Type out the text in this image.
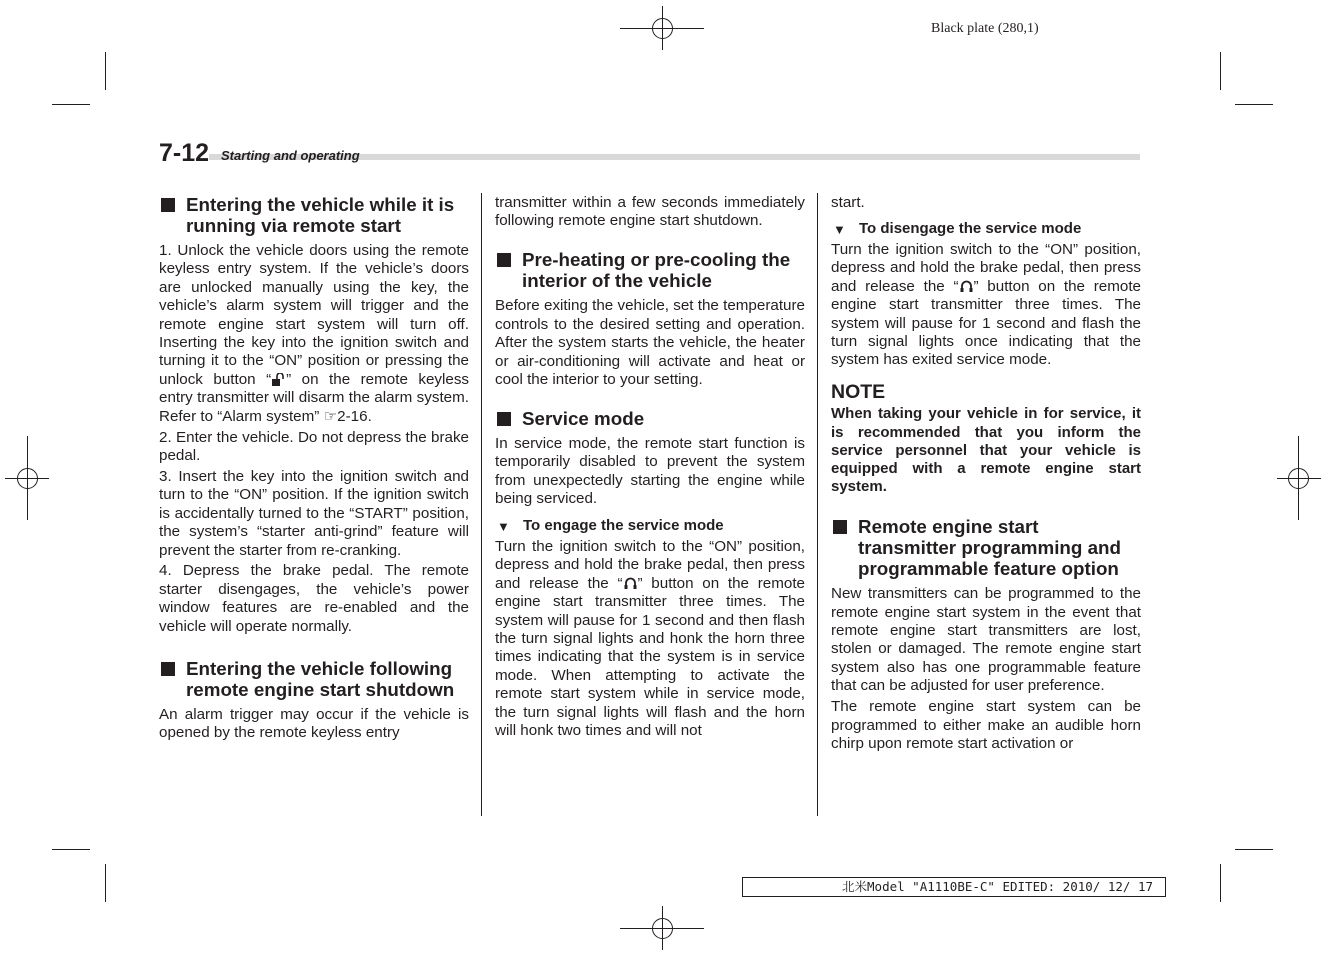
Black plate (280,1)
7-12 Starting and operating
Entering the vehicle while it is running via remote start

1. Unlock the vehicle doors using the remote keyless entry system. If the vehicle’s doors are unlocked manually using the key, the vehicle’s alarm system will trigger and the remote engine start system will turn off. Inserting the key into the ignition switch and turning it to the “ON” position or pressing the unlock button “ ” on the remote keyless entry transmitter will disarm the alarm system. Refer to “Alarm system” ☞2-16.

2. Enter the vehicle. Do not depress the brake pedal.

3. Insert the key into the ignition switch and turn to the “ON” position. If the ignition switch is accidentally turned to the “START” position, the system’s “starter anti-grind” feature will prevent the starter from re-cranking.

4. Depress the brake pedal. The remote starter disengages, the vehicle’s power window features are re-enabled and the vehicle will operate normally.

Entering the vehicle following remote engine start shutdown

An alarm trigger may occur if the vehicle is opened by the remote keyless entry

transmitter within a few seconds immediately following remote engine start shutdown.

Pre-heating or pre-cooling the interior of the vehicle

Before exiting the vehicle, set the temperature controls to the desired setting and operation. After the system starts the vehicle, the heater or air-conditioning will activate and heat or cool the interior to your setting.

Service mode

In service mode, the remote start function is temporarily disabled to prevent the system from unexpectedly starting the engine while being serviced.

▼ To engage the service mode

Turn the ignition switch to the “ON” position, depress and hold the brake pedal, then press and release the “ ” button on the remote engine start transmitter three times. The system will pause for 1 second and then flash the turn signal lights and honk the horn three times indicating that the system is in service mode. When attempting to activate the remote start system while in service mode, the turn signal lights will flash and the horn will honk two times and will not

start.

▼ To disengage the service mode

Turn the ignition switch to the “ON” position, depress and hold the brake pedal, then press and release the “ ” button on the remote engine start transmitter three times. The system will pause for 1 second and flash the turn signal lights once indicating that the system has exited service mode.

NOTE

When taking your vehicle in for service, it is recommended that you inform the service personnel that your vehicle is equipped with a remote engine start system.

Remote engine start transmitter programming and programmable feature option

New transmitters can be programmed to the remote engine start system in the event that remote engine start transmitters are lost, stolen or damaged. The remote engine start system also has one programmable feature that can be adjusted for user preference.

The remote engine start system can be programmed to either make an audible horn chirp upon remote start activation or

北米Model "A1110BE-C" EDITED: 2010/ 12/ 17
